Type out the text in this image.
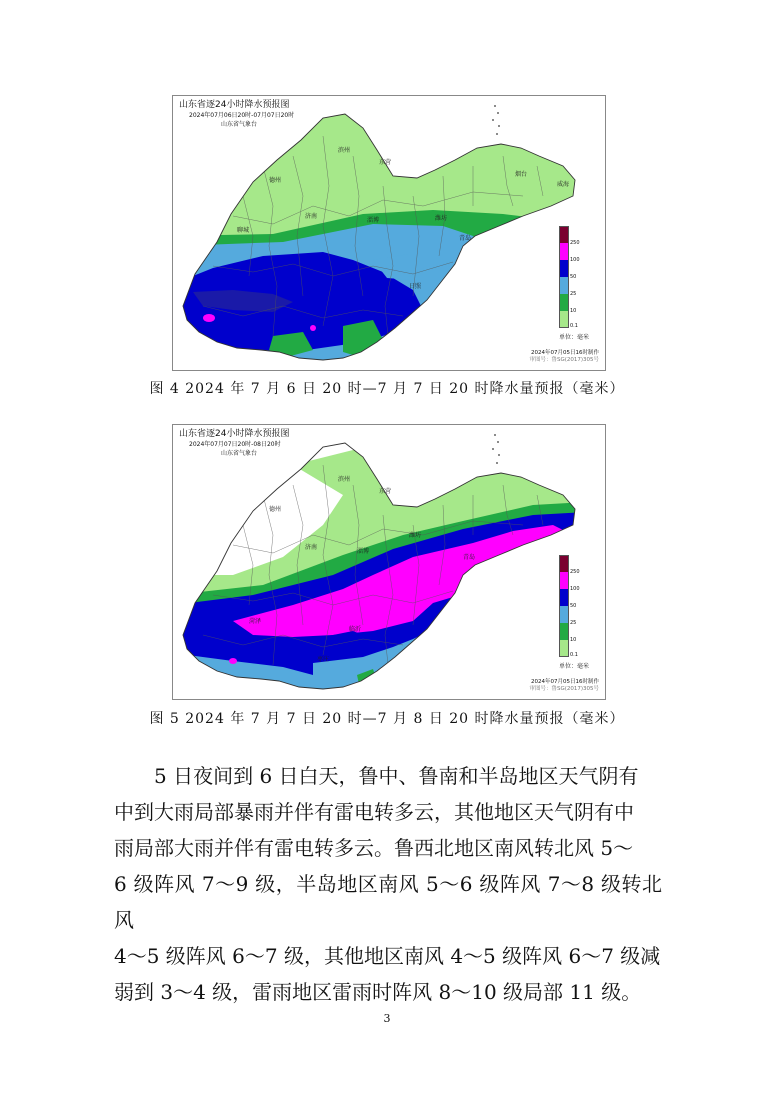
德州
滨州
东营
潍坊
烟台
威海
聊城
济南
淄博
青岛
日照
山东省逐24小时降水预报图
2024年07月06日20时-07月07日20时
山东省气象台
250
100
50
25
10
0.1
单位：毫米
2024年07月05日16时制作
审图号：鲁SG(2017)305号
图 4 2024 年 7 月 6 日 20 时—7 月 7 日 20 时降水量预报（毫米）
德州
滨州
东营
济南
淄博
潍坊
青岛
菏泽
临沂
枣庄
山东省逐24小时降水预报图
2024年07月07日20时-08日20时
山东省气象台
250
100
50
25
10
0.1
单位：毫米
2024年07月05日16时制作
审图号：鲁SG(2017)305号
图 5 2024 年 7 月 7 日 20 时—7 月 8 日 20 时降水量预报（毫米）
5 日夜间到 6 日白天，鲁中、鲁南和半岛地区天气阴有
中到大雨局部暴雨并伴有雷电转多云，其他地区天气阴有中
雨局部大雨并伴有雷电转多云。鲁西北地区南风转北风 5～
6 级阵风 7～9 级，半岛地区南风 5～6 级阵风 7～8 级转北风
4～5 级阵风 6～7 级，其他地区南风 4～5 级阵风 6～7 级减
弱到 3～4 级，雷雨地区雷雨时阵风 8～10 级局部 11 级。
3
